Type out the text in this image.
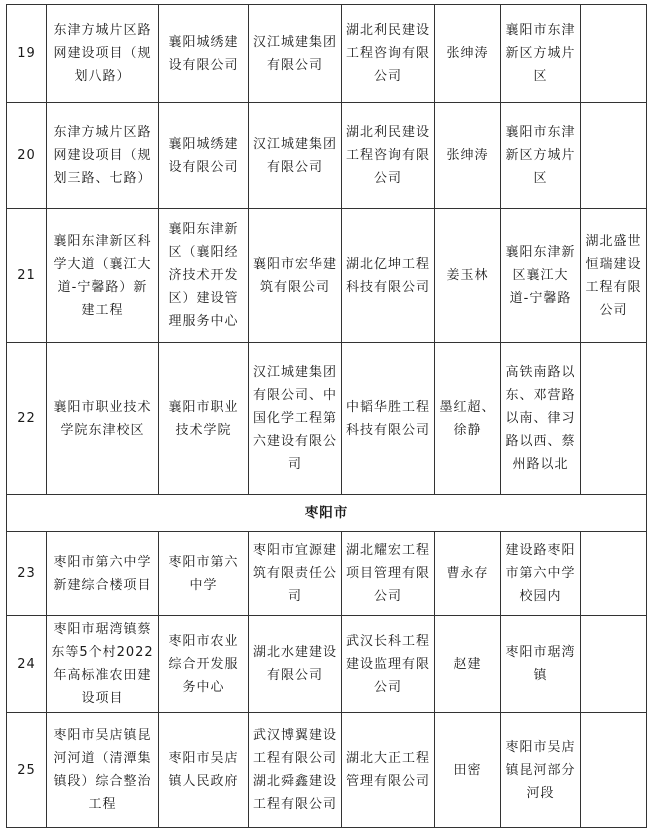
19	东津方城片区路网建设项目（规划八路）	襄阳城绣建设有限公司	汉江城建集团有限公司	湖北利民建设工程咨询有限公司	张绅涛	襄阳市东津新区方城片区	
20	东津方城片区路网建设项目（规划三路、七路）	襄阳城绣建设有限公司	汉江城建集团有限公司	湖北利民建设工程咨询有限公司	张绅涛	襄阳市东津新区方城片区	
21	襄阳东津新区科学大道（襄江大道-宁馨路）新建工程	襄阳东津新区（襄阳经济技术开发区）建设管理服务中心	襄阳市宏华建筑有限公司	湖北亿坤工程科技有限公司	姜玉林	襄阳东津新区襄江大道-宁馨路	湖北盛世恒瑞建设工程有限公司
22	襄阳市职业技术学院东津校区	襄阳市职业技术学院	汉江城建集团有限公司、中国化学工程第六建设有限公司	中韬华胜工程科技有限公司	墨红超、徐静	高铁南路以东、邓营路以南、律习路以西、蔡州路以北	
枣阳市							
23	枣阳市第六中学新建综合楼项目	枣阳市第六中学	枣阳市宜源建筑有限责任公司	湖北耀宏工程项目管理有限公司	曹永存	建设路枣阳市第六中学校园内	
24	枣阳市琚湾镇蔡东等5个村2022年高标准农田建设项目	枣阳市农业综合开发服务中心	湖北水建建设有限公司	武汉长科工程建设监理有限公司	赵建	枣阳市琚湾镇	
25	枣阳市吴店镇昆河河道（清潭集镇段）综合整治工程	枣阳市吴店镇人民政府	武汉博翼建设工程有限公司 湖北舜鑫建设工程有限公司	湖北大正工程管理有限公司	田密	枣阳市吴店镇昆河部分河段	
